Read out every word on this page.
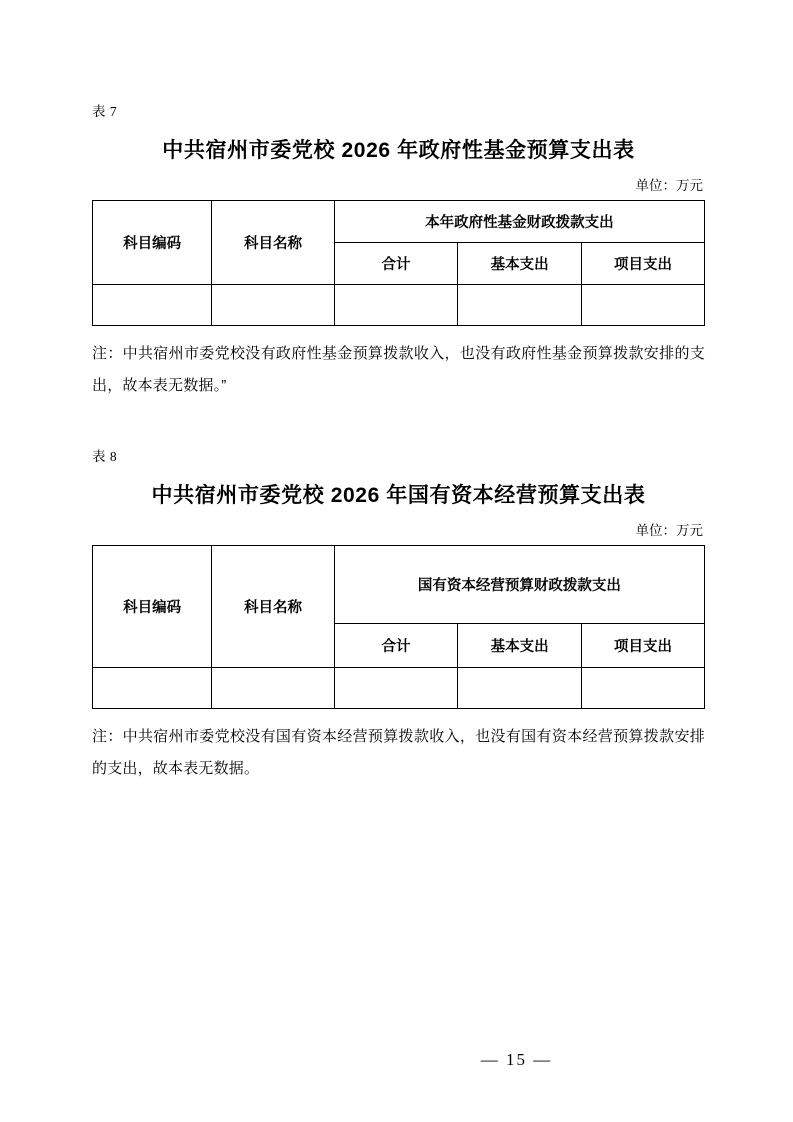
表 7

中共宿州市委党校 2026 年政府性基金预算支出表

单位：万元

科目编码	科目名称	本年政府性基金财政拨款支出		
		合计	基本支出	项目支出

注：中共宿州市委党校没有政府性基金预算拨款收入，也没有政府性基金预算拨款安排的支出，故本表无数据。”

表 8

中共宿州市委党校 2026 年国有资本经营预算支出表

单位：万元

科目编码	科目名称	国有资本经营预算财政拨款支出		
		合计	基本支出	项目支出

注：中共宿州市委党校没有国有资本经营预算拨款收入，也没有国有资本经营预算拨款安排的支出，故本表无数据。

— 15 —
